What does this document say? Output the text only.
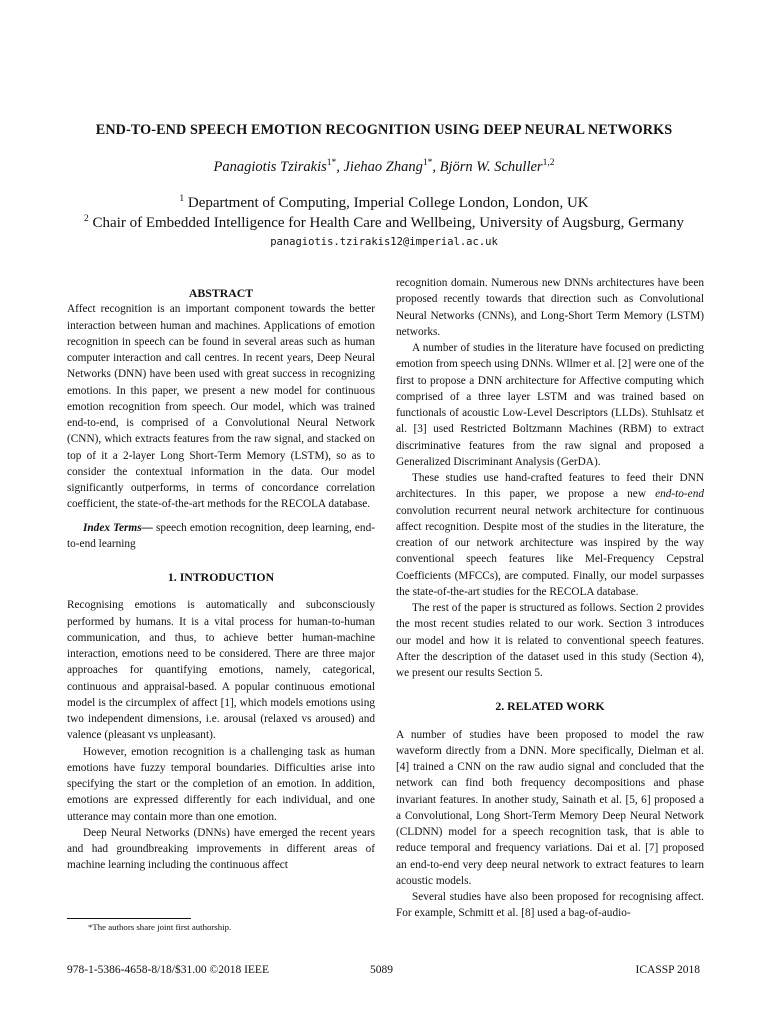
END-TO-END SPEECH EMOTION RECOGNITION USING DEEP NEURAL NETWORKS
Panagiotis Tzirakis$^{1*}$, Jiehao Zhang$^{1*}$, Björn W. Schuller$^{1,2}$
$^1$ Department of Computing, Imperial College London, London, UK
$^2$ Chair of Embedded Intelligence for Health Care and Wellbeing, University of Augsburg, Germany
panagiotis.tzirakis12@imperial.ac.uk

ABSTRACT

Affect recognition is an important component towards the better interaction between human and machines. Applications of emotion recognition in speech can be found in several areas such as human computer interaction and call centres. In recent years, Deep Neural Networks (DNN) have been used with great success in recognizing emotions. In this paper, we present a new model for continuous emotion recognition from speech. Our model, which was trained end-to-end, is comprised of a Convolutional Neural Network (CNN), which extracts features from the raw signal, and stacked on top of it a 2-layer Long Short-Term Memory (LSTM), so as to consider the contextual information in the data. Our model significantly outperforms, in terms of concordance correlation coefficient, the state-of-the-art methods for the RECOLA database.

Index Terms— speech emotion recognition, deep learning, end-to-end learning

1. INTRODUCTION

Recognising emotions is automatically and subconsciously performed by humans. It is a vital process for human-to-human communication, and thus, to achieve better human-machine interaction, emotions need to be considered. There are three major approaches for quantifying emotions, namely, categorical, continuous and appraisal-based. A popular continuous emotional model is the circumplex of affect [1], which models emotions using two independent dimensions, i.e. arousal (relaxed vs aroused) and valence (pleasant vs unpleasant).

However, emotion recognition is a challenging task as human emotions have fuzzy temporal boundaries. Difficulties arise into specifying the start or the completion of an emotion. In addition, emotions are expressed differently for each individual, and one utterance may contain more than one emotion.

Deep Neural Networks (DNNs) have emerged the recent years and had groundbreaking improvements in different areas of machine learning including the continuous affect

recognition domain. Numerous new DNNs architectures have been proposed recently towards that direction such as Convolutional Neural Networks (CNNs), and Long-Short Term Memory (LSTM) networks.

A number of studies in the literature have focused on predicting emotion from speech using DNNs. Wllmer et al. [2] were one of the first to propose a DNN architecture for Affective computing which comprised of a three layer LSTM and was trained based on functionals of acoustic Low-Level Descriptors (LLDs). Stuhlsatz et al. [3] used Restricted Boltzmann Machines (RBM) to extract discriminative features from the raw signal and proposed a Generalized Discriminant Analysis (GerDA).

These studies use hand-crafted features to feed their DNN architectures. In this paper, we propose a new end-to-end convolution recurrent neural network architecture for continuous affect recognition. Despite most of the studies in the literature, the creation of our network architecture was inspired by the way conventional speech features like Mel-Frequency Cepstral Coefficients (MFCCs), are computed. Finally, our model surpasses the state-of-the-art studies for the RECOLA database.

The rest of the paper is structured as follows. Section 2 provides the most recent studies related to our work. Section 3 introduces our model and how it is related to conventional speech features. After the description of the dataset used in this study (Section 4), we present our results Section 5.

2. RELATED WORK

A number of studies have been proposed to model the raw waveform directly from a DNN. More specifically, Dielman et al. [4] trained a CNN on the raw audio signal and concluded that the network can find both frequency decompositions and phase invariant features. In another study, Sainath et al. [5, 6] proposed a a Convolutional, Long Short-Term Memory Deep Neural Network (CLDNN) model for a speech recognition task, that is able to reduce temporal and frequency variations. Dai et al. [7] proposed an end-to-end very deep neural network to extract features to learn acoustic models.

Several studies have also been proposed for recognising affect. For example, Schmitt et al. [8] used a bag-of-audio-

*The authors share joint first authorship.
978-1-5386-4658-8/18/$31.00 ©2018 IEEE	5089	ICASSP 2018
